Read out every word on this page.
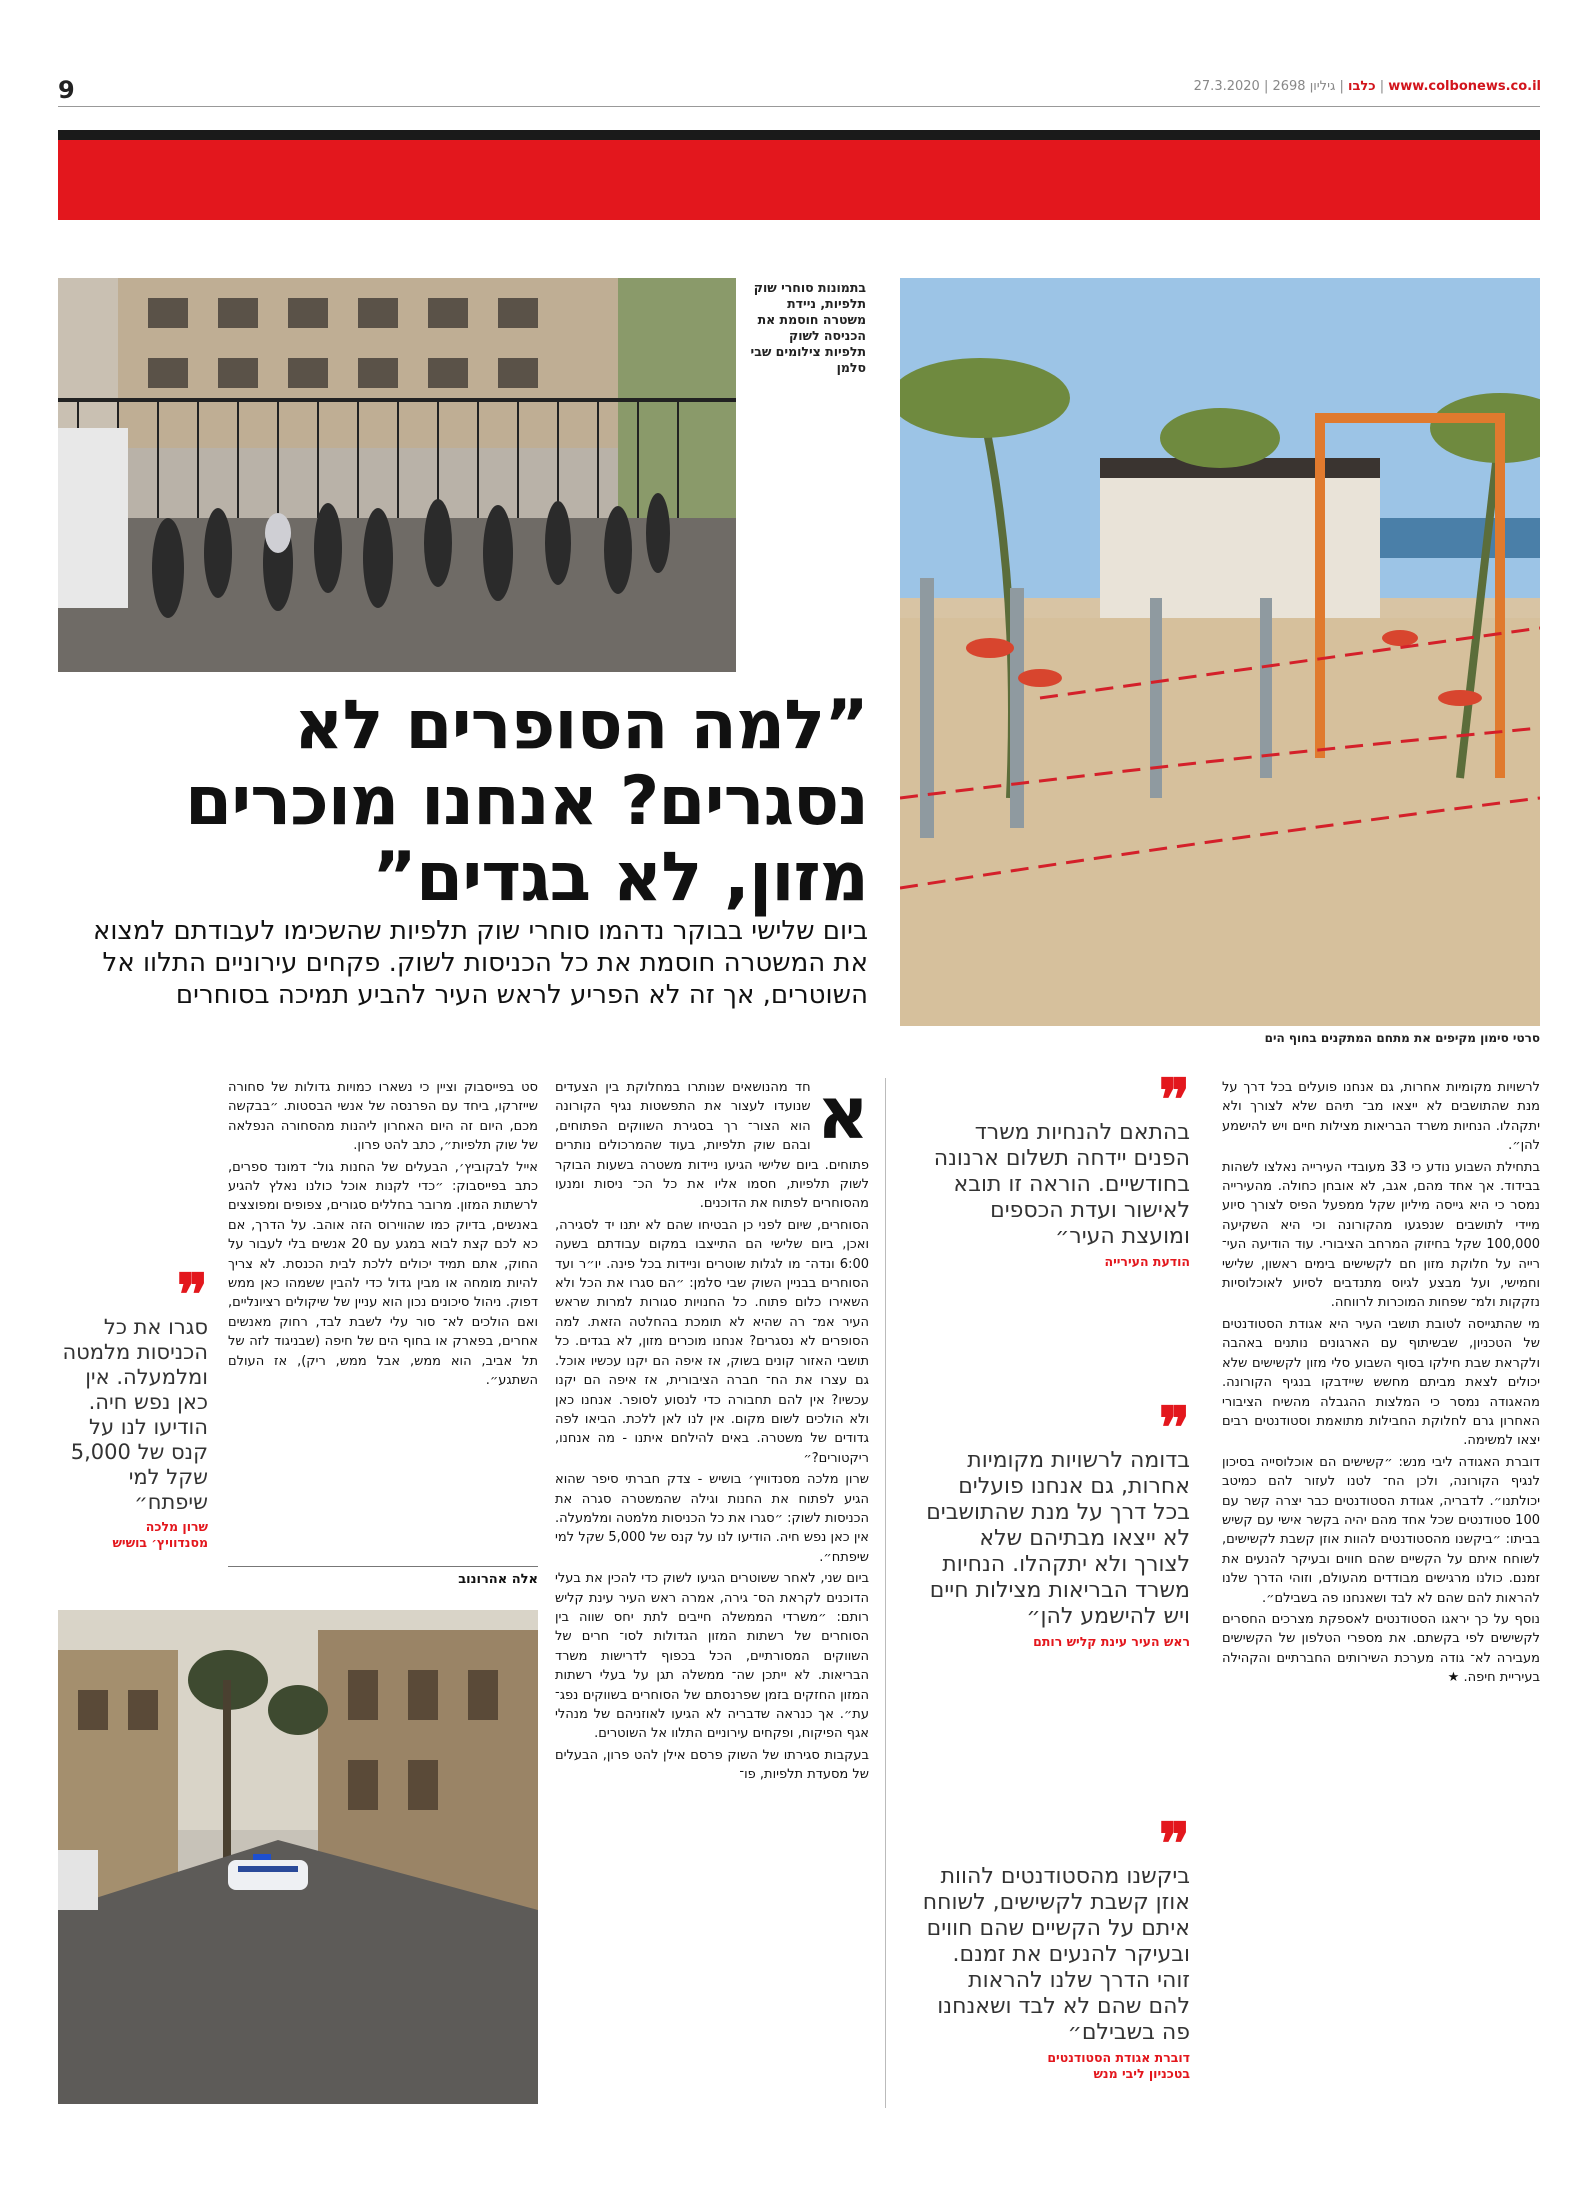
9	www.colbonews.co.il | כלבו | גיליון 2698 | 27.3.2020
בתמונות סוחרי שוק תלפיות, ניידת משטרה חוסמת את הכניסה לשוק תלפיות צילומים שבי סלמן
סרטי סימון מקיפים את מתחם המתקנים בחוף הים
”למה הסופרים לא נסגרים? אנחנו מוכרים מזון, לא בגדים”
ביום שלישי בבוקר נדהמו סוחרי שוק תלפיות שהשכימו לעבודתם למצוא את המשטרה חוסמת את כל הכניסות לשוק. פקחים עירוניים התלוו אל השוטרים, אך זה לא הפריע לראש העיר להביע תמיכה בסוחרים
א

חד מהנושאים שנותרו במחלוקת בין הצעדים שנועדו לעצור את התפשטות נגיף הקורונה הוא הצור־ רך בסגירת השווקים הפתוחים, ובהם שוק תלפיות, בעוד שהמרכולים נותרים פתוחים. ביום שלישי הגיעו ניידות משטרה בשעות הבוקר לשוק תלפיות, חסמו אליו את כל הכ־ ניסות ומנעו מהסוחרים לפתוח את הדוכנים.

הסוחרים, שיום לפני כן הבטיחו שהם לא יתנו יד לסגירה, ואכן, ביום שלישי הם התייצבו במקום עבודתם בשעה 6:00 ונדה־ מו לגלות שוטרים וניידות בכל פינה. יו״ר ועד הסוחרים בבניין השוק שבי סלמן: ״הם סגרו את הכל ולא השאירו כלום פתוח. כל החנויות סגורות למרות שראש העיר אמ־ רה שהיא לא תומכת בהחלטה הזאת. למה הסופרים לא נסגרים? אנחנו מוכרים מזון, לא בגדים. כל תושבי האזור קונים בשוק, אז איפה הם יקנו עכשיו אוכל. גם עצרו את הח־ חברה הציבורית, אז איפה הם יקנו עכשיו? אין להם תחבורה כדי לנסוע לסופר. אנחנו כאן ולא הולכים לשום מקום. אין לנו לאן ללכת. הביאו לפה גדודים של משטרה. באים להילחם איתנו - מה אנחנו, ריקטורים?״

שרון מלכה מסנדוויץ׳ בושיש - צדק חברתי סיפר שהוא הגיע לפתוח את החנות וגילה שהמשטרה סגרה את הכניסות לשוק: ״סגרו את כל הכניסות מלמטה ומלמעלה. אין כאן נפש חיה. הודיעו לנו על קנס של 5,000 שקל למי שיפתח״.

ביום שני, לאחר ששוטרים הגיעו לשוק כדי להכין את בעלי הדוכנים לקראת הס־ גירה, אמרה ראש העיר עינת קליש רותם: ״משרדי הממשלה חייבים לתת יחס שווה בין הסוחרים של רשתות המזון הגדולות לסו־ חרים של השווקים המסורתיים, הכל בכפוף לדרישות משרד הבריאות. לא ייתכן שה־ ממשלה תגן על בעלי רשתות המזון החזקים בזמן שפרנסתם של הסוחרים בשווקים נפג־ עת״. אך כנראה שדבריה לא הגיעו לאוזניהם של מנהלי אגף הפיקוח, ופקחים עירוניים התלוו אל השוטרים.

בעקבות סגירתו של השוק פרסם אילן להט פרון, הבעלים של מסעדת תלפיות, פו־

סט בפייסבוק וציין כי נשארו כמויות גדולות של סחורה שייזרקו, ביחד עם הפרנסה של אנשי הבסטות. ״בבקשה מכם, היום זה היום האחרון ליהנות מהסחורה הנפלאה של שוק תלפיות״, כתב להט פרון.

אייל לבקוביץ׳, הבעלים של החנות גול־ דמונד ספרים, כתב בפייסבוק: ״כדי לקנות אוכל כולנו נאלץ להגיע לרשתות המזון. מרובר בחללים סגורים, צפופים ומפוצצים באנשים, בדיוק כמו שהווירוס הזה אוהב. על הדרך, אם כא לכם קצת לבוא במגע עם 20 אנשים בלי לעבור על החוק, אתם תמיד יכולים ללכת לבית הכנסת. לא צריך להיות מומחה או מבין גדול כדי להבין ששמהו כאן ממש דפוק. ניהול סיכונים נכון הוא עניין של שיקולים רציונליים, ואם הולכים לא־ סור עלי לשבת לבד, רחוק מאנשים אחרים, בפארק או בחוף הים של חיפה (שבניגוד לזה של תל אביב, הוא ממש, אבל ממש, ריק), אז העולם השתגע״.

אלה אהרונוב
❞
סגרו את כל הכניסות מלמטה ומלמעלה. אין כאן נפש חיה. הודיעו לנו על קנס של 5,000 שקל למי שיפתח״
שרון מלכה
מסנדוויץ׳ בושיש
❞
בהתאם להנחיות משרד הפנים יידחה תשלום ארנונה בחודשיים. הוראה זו תובא לאישור ועדת הכספים ומועצת העיר״
הודעת העירייה
❞
בדומה לרשויות מקומיות אחרות, גם אנחנו פועלים בכל דרך על מנת שהתושבים לא ייצאו מבתיהם שלא לצורך ולא יתקהלו. הנחיות משרד הבריאות מצילות חיים ויש להישמע להן״
ראש העיר עינת קליש רותם
❞
ביקשנו מהסטודנטים להוות אוזן קשבת לקשישים, לשוחח איתם על הקשיים שהם חווים ובעיקר להנעים את זמנם. זוהי הדרך שלנו להראות להם שהם לא לבד ושאנחנו פה בשבילם״
דוברת אגודת הסטודנטים
בטכניון ליבי מנש

לרשויות מקומיות אחרות, גם אנחנו פועלים בכל דרך על מנת שהתושבים לא ייצאו מב־ תיהם שלא לצורך ולא יתקהלו. הנחיות משרד הבריאות מצילות חיים ויש להישמע להן״.

בתחילת השבוע נודע כי 33 מעובדי העירייה נאלצו לשהות בבידוד. אך אחד מהם, אגב, לא אובחן כחולה. מהעירייה נמסר כי היא גייסה מיליון שקל ממפעל הפיס לצורך סיוע מיידי לתושבים שנפגעו מהקורונה וכי היא השקיעה 100,000 שקל בחיזוק המרחב הציבורי. עוד הודיעה העי־ רייה על חלוקת מזון חם לקשישים בימים ראשון, שלישי וחמישי, ועל מבצע לגיוס מתנדבים לסיוע לאוכלוסיות נזקקות ולמ־ שפחות המוכרות לרווחה.

מי שהתגייסה לטובת תושבי העיר היא אגודת הסטודנטים של הטכניון, שבשיתוף עם הארגונים נותנים באהבה ולקראת שבת חילקו בסוף השבוע סלי מזון לקשישים שלא יכולים לצאת מביתם מחשש שיידבקו בנגיף הקורונה. מהאגודה נמסר כי המלצות ההגבלה מהשיח הציבורי האחרון גרם לחלוקת החבילות מתואמת וסטודנטים רבים יצאו למשימה.

דוברת האגודה ליבי מנש: ״קשישים הם אוכלוסייה בסיכון לנגיף הקורונה, ולכן הח־ לטנו לעזור להם כמיטב יכולתנו״. לדבריה, אגודת הסטודנטים כבר יצרה קשר עם 100 סטודנטים שכל אחד מהם יהיה בקשר אישי עם קשיש בביתו: ״ביקשנו מהסטודנטים להוות אוזן קשבת לקשישים, לשוחח איתם על הקשיים שהם חווים ובעיקר להנעים את זמנם. כולנו מרגישים מבודדים מהעולם, וזוהי הדרך שלנו להראות להם שהם לא לבד ושאנחנו פה בשבילם״.

נוסף על כך יראגו הסטודנטים לאספקת מצרכים החסרים לקשישים לפי בקשתם. את מספרי הטלפון של הקשישים מעבירה לא־ גודה מערכת השירותים החברתיים והקהילה בעיריית חיפה. ★
